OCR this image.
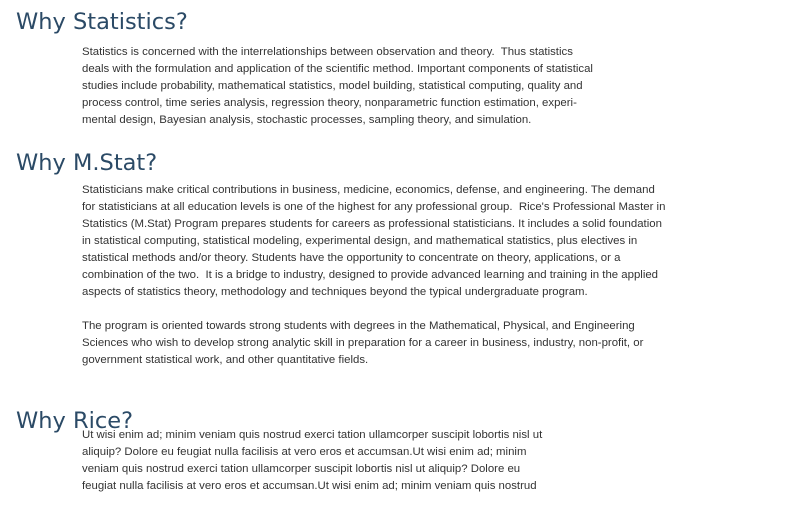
Why Statistics?

Statistics is concerned with the interrelationships between observation and theory.  Thus statistics

deals with the formulation and application of the scientific method. Important components of statistical

studies include probability, mathematical statistics, model building, statistical computing, quality and

process control, time series analysis, regression theory, nonparametric function estimation, experi-

mental design, Bayesian analysis, stochastic processes, sampling theory, and simulation.

Why M.Stat?

Statisticians make critical contributions in business, medicine, economics, defense, and engineering. The demand

for statisticians at all education levels is one of the highest for any professional group.  Rice's Professional Master in

Statistics (M.Stat) Program prepares students for careers as professional statisticians. It includes a solid foundation

in statistical computing, statistical modeling, experimental design, and mathematical statistics, plus electives in

statistical methods and/or theory. Students have the opportunity to concentrate on theory, applications, or a

combination of the two.  It is a bridge to industry, designed to provide advanced learning and training in the applied

aspects of statistics theory, methodology and techniques beyond the typical undergraduate program.

The program is oriented towards strong students with degrees in the Mathematical, Physical, and Engineering

Sciences who wish to develop strong analytic skill in preparation for a career in business, industry, non-profit, or

government statistical work, and other quantitative fields.

Why Rice?

Ut wisi enim ad; minim veniam quis nostrud exerci tation ullamcorper suscipit lobortis nisl ut

aliquip? Dolore eu feugiat nulla facilisis at vero eros et accumsan.Ut wisi enim ad; minim

veniam quis nostrud exerci tation ullamcorper suscipit lobortis nisl ut aliquip? Dolore eu

feugiat nulla facilisis at vero eros et accumsan.Ut wisi enim ad; minim veniam quis nostrud
